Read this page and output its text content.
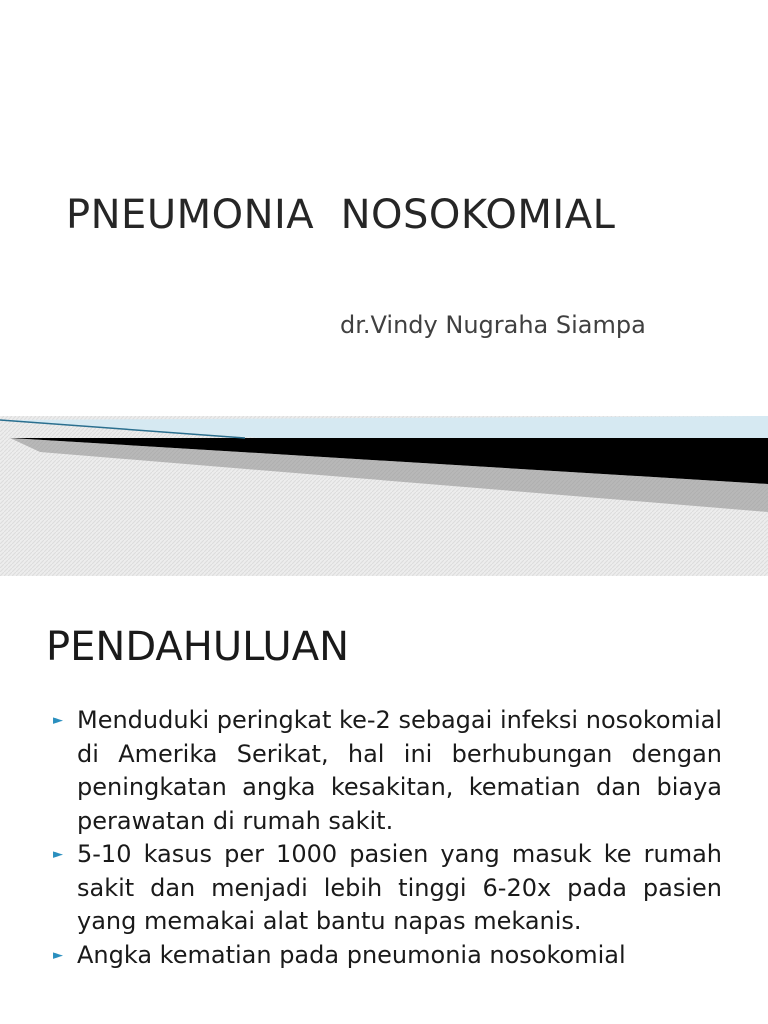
PNEUMONIA  NOSOKOMIAL
dr.Vindy Nugraha Siampa
PENDAHULUAN
► Menduduki peringkat ke-2 sebagai infeksi nosokomial di Amerika Serikat, hal ini berhubungan dengan peningkatan angka kesakitan, kematian dan biaya perawatan di rumah sakit.
► 5-10 kasus per 1000 pasien yang masuk ke rumah sakit dan menjadi lebih tinggi 6-20x pada pasien yang memakai alat bantu napas mekanis.
► Angka kematian pada pneumonia nosokomial
